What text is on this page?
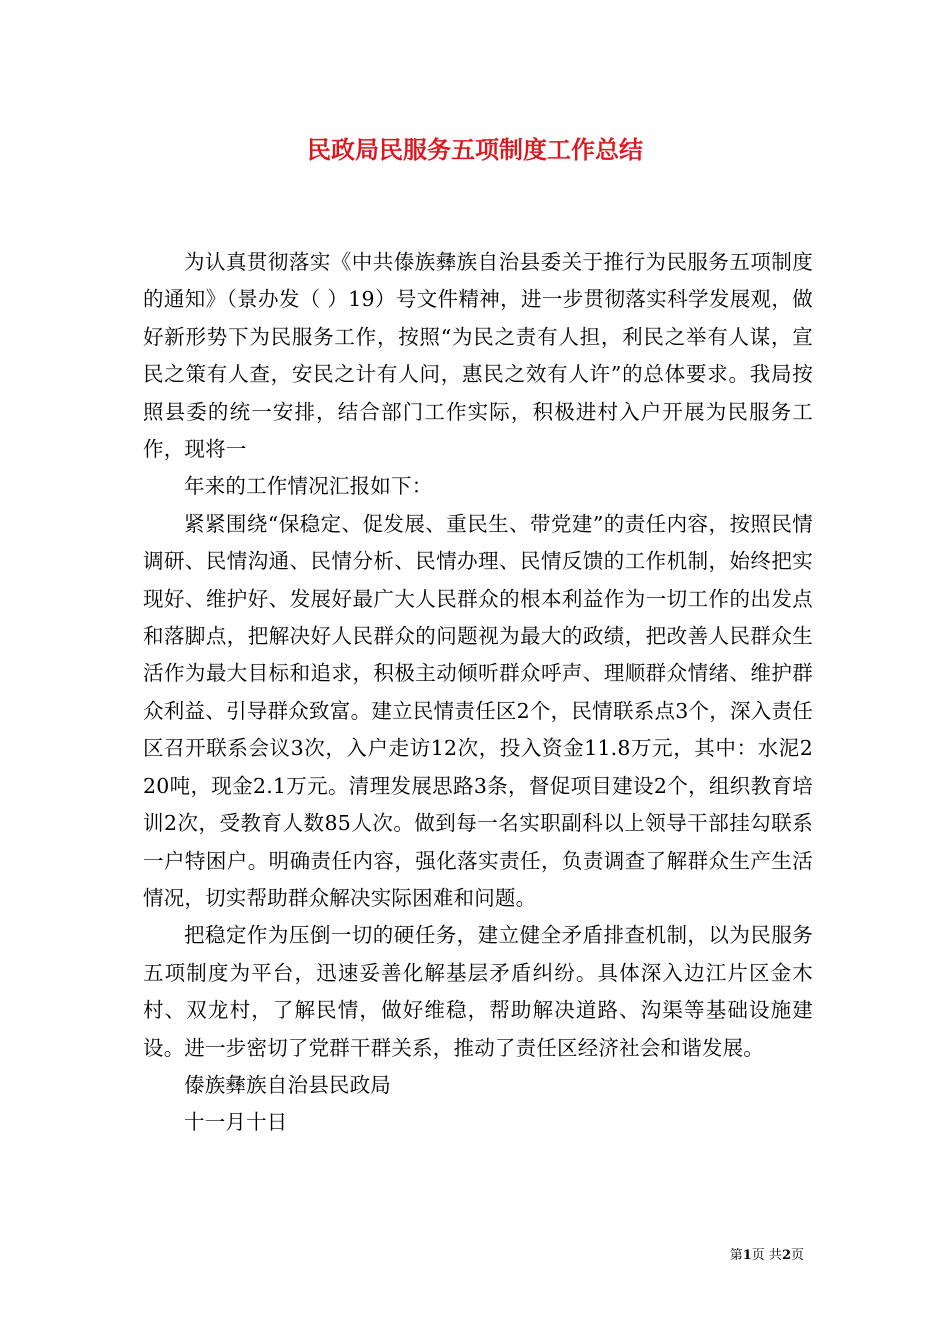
民政局民服务五项制度工作总结

为认真贯彻落实《中共傣族彝族自治县委关于推行为民服务五项制度的通知》（景办发（ ）19）号文件精神，进一步贯彻落实科学发展观，做好新形势下为民服务工作，按照“为民之责有人担，利民之举有人谋，宣民之策有人查，安民之计有人问，惠民之效有人许”的总体要求。我局按照县委的统一安排，结合部门工作实际，积极进村入户开展为民服务工作，现将一

年来的工作情况汇报如下：

紧紧围绕“保稳定、促发展、重民生、带党建”的责任内容，按照民情调研、民情沟通、民情分析、民情办理、民情反馈的工作机制，始终把实现好、维护好、发展好最广大人民群众的根本利益作为一切工作的出发点和落脚点，把解决好人民群众的问题视为最大的政绩，把改善人民群众生活作为最大目标和追求，积极主动倾听群众呼声、理顺群众情绪、维护群众利益、引导群众致富。建立民情责任区2个，民情联系点3个，深入责任区召开联系会议3次，入户走访12次，投入资金11.8万元，其中：水泥220吨，现金2.1万元。清理发展思路3条，督促项目建设2个，组织教育培训2次，受教育人数85人次。做到每一名实职副科以上领导干部挂勾联系一户特困户。明确责任内容，强化落实责任，负责调查了解群众生产生活情况，切实帮助群众解决实际困难和问题。

把稳定作为压倒一切的硬任务，建立健全矛盾排查机制，以为民服务五项制度为平台，迅速妥善化解基层矛盾纠纷。具体深入边江片区金木村、双龙村，了解民情，做好维稳，帮助解决道路、沟渠等基础设施建设。进一步密切了党群干群关系，推动了责任区经济社会和谐发展。

傣族彝族自治县民政局

十一月十日

第1页 共2页
